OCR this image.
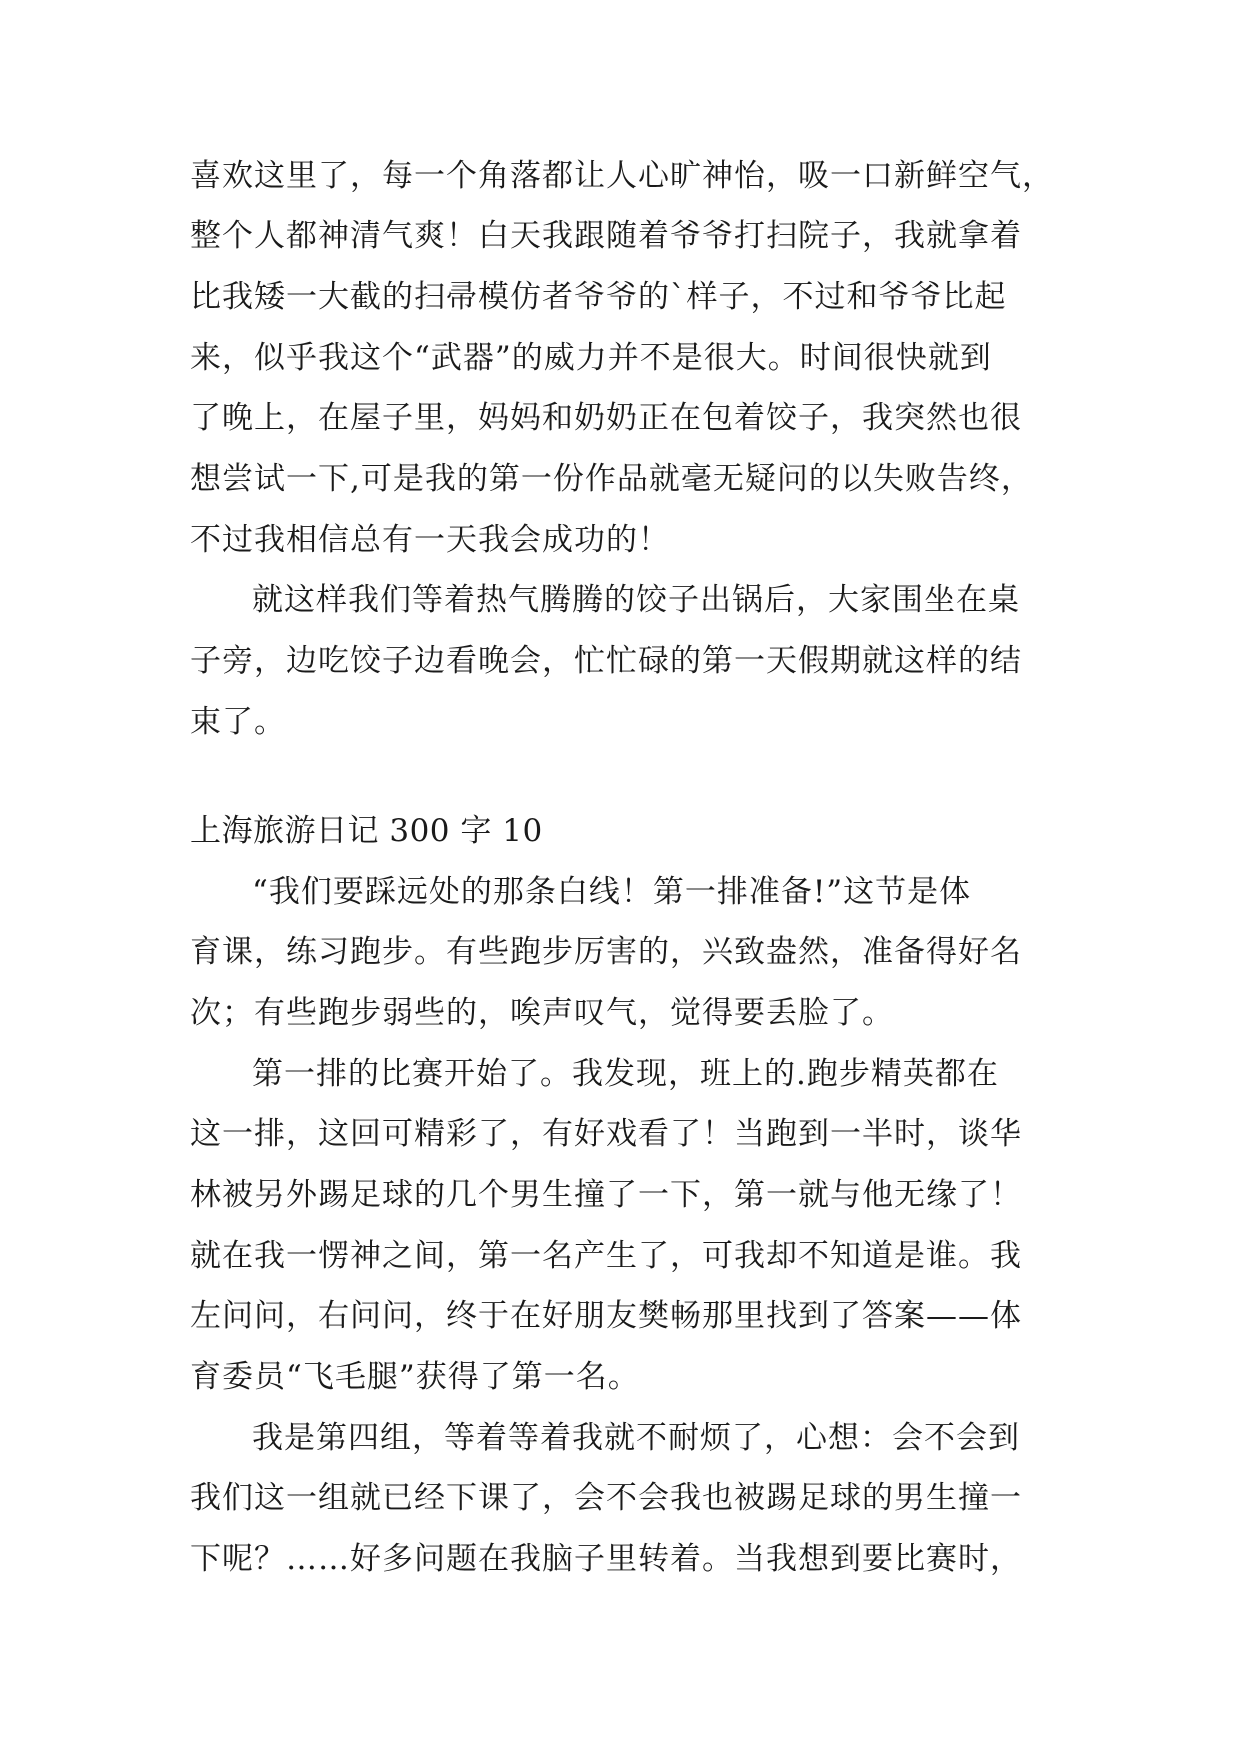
喜欢这里了，每一个角落都让人心旷神怡，吸一口新鲜空气，

整个人都神清气爽！白天我跟随着爷爷打扫院子，我就拿着

比我矮一大截的扫帚模仿者爷爷的`样子，不过和爷爷比起

来，似乎我这个“武器”的威力并不是很大。时间很快就到

了晚上，在屋子里，妈妈和奶奶正在包着饺子，我突然也很

想尝试一下,可是我的第一份作品就毫无疑问的以失败告终，

不过我相信总有一天我会成功的！

就这样我们等着热气腾腾的饺子出锅后，大家围坐在桌

子旁，边吃饺子边看晚会，忙忙碌的第一天假期就这样的结

束了。

上海旅游日记 300 字 10

“我们要踩远处的那条白线！第一排准备!”这节是体

育课，练习跑步。有些跑步厉害的，兴致盎然，准备得好名

次；有些跑步弱些的，唉声叹气，觉得要丢脸了。

第一排的比赛开始了。我发现，班上的.跑步精英都在

这一排，这回可精彩了，有好戏看了！当跑到一半时，谈华

林被另外踢足球的几个男生撞了一下，第一就与他无缘了！

就在我一愣神之间，第一名产生了，可我却不知道是谁。我

左问问，右问问，终于在好朋友樊畅那里找到了答案——体

育委员“飞毛腿”获得了第一名。

我是第四组，等着等着我就不耐烦了，心想：会不会到

我们这一组就已经下课了，会不会我也被踢足球的男生撞一

下呢？……好多问题在我脑子里转着。当我想到要比赛时，
